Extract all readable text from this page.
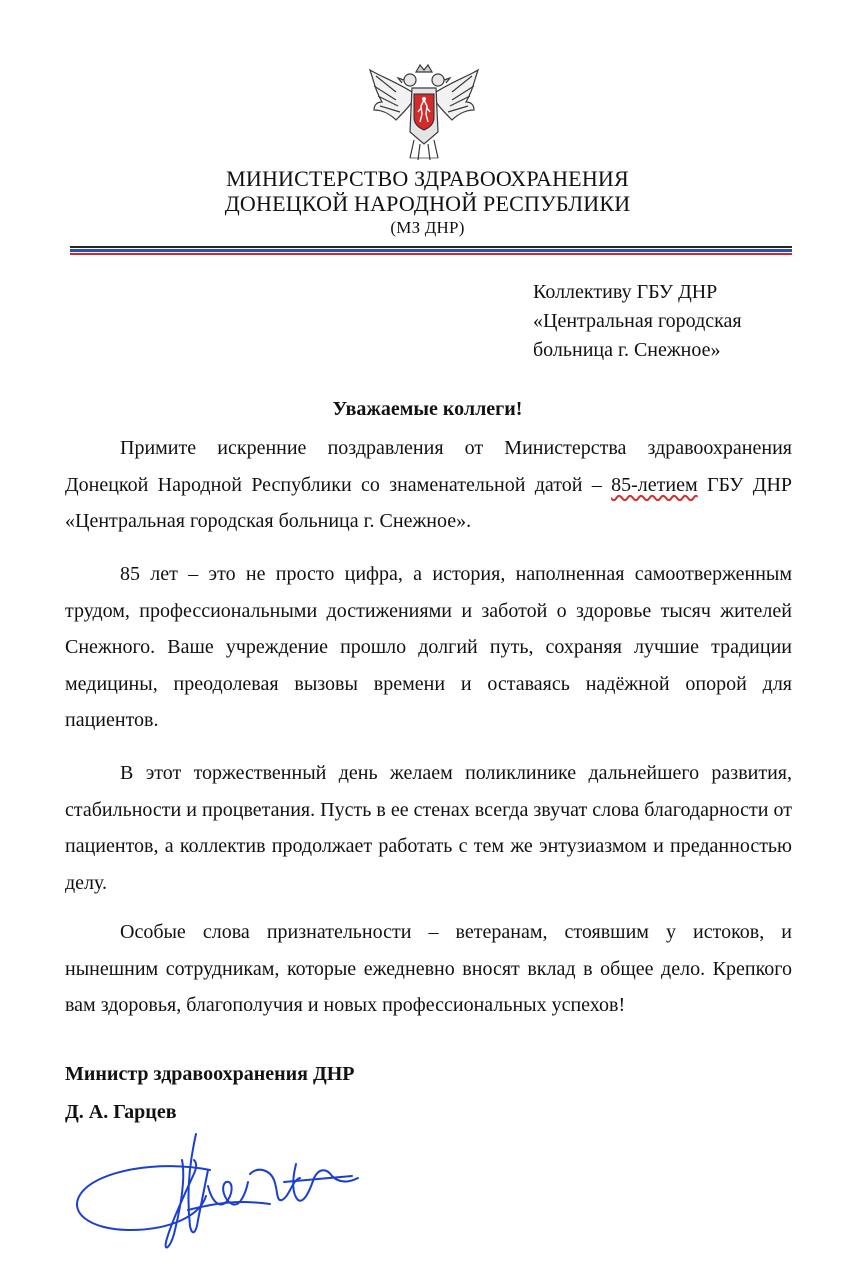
МИНИСТЕРСТВО ЗДРАВООХРАНЕНИЯ
ДОНЕЦКОЙ НАРОДНОЙ РЕСПУБЛИКИ
(МЗ ДНР)
Коллективу ГБУ ДНР
«Центральная городская
больница г. Снежное»
Уважаемые коллеги!
Примите искренние поздравления от Министерства здравоохранения Донецкой Народной Республики со знаменательной датой – 85-летием ГБУ ДНР «Центральная городская больница г. Снежное».
85 лет – это не просто цифра, а история, наполненная самоотверженным трудом, профессиональными достижениями и заботой о здоровье тысяч жителей Снежного. Ваше учреждение прошло долгий путь, сохраняя лучшие традиции медицины, преодолевая вызовы времени и оставаясь надёжной опорой для пациентов.
В этот торжественный день желаем поликлинике дальнейшего развития, стабильности и процветания. Пусть в ее стенах всегда звучат слова благодарности от пациентов, а коллектив продолжает работать с тем же энтузиазмом и преданностью делу.
Особые слова признательности – ветеранам, стоявшим у истоков, и нынешним сотрудникам, которые ежедневно вносят вклад в общее дело. Крепкого вам здоровья, благополучия и новых профессиональных успехов!
Министр здравоохранения ДНР
Д. А. Гарцев
